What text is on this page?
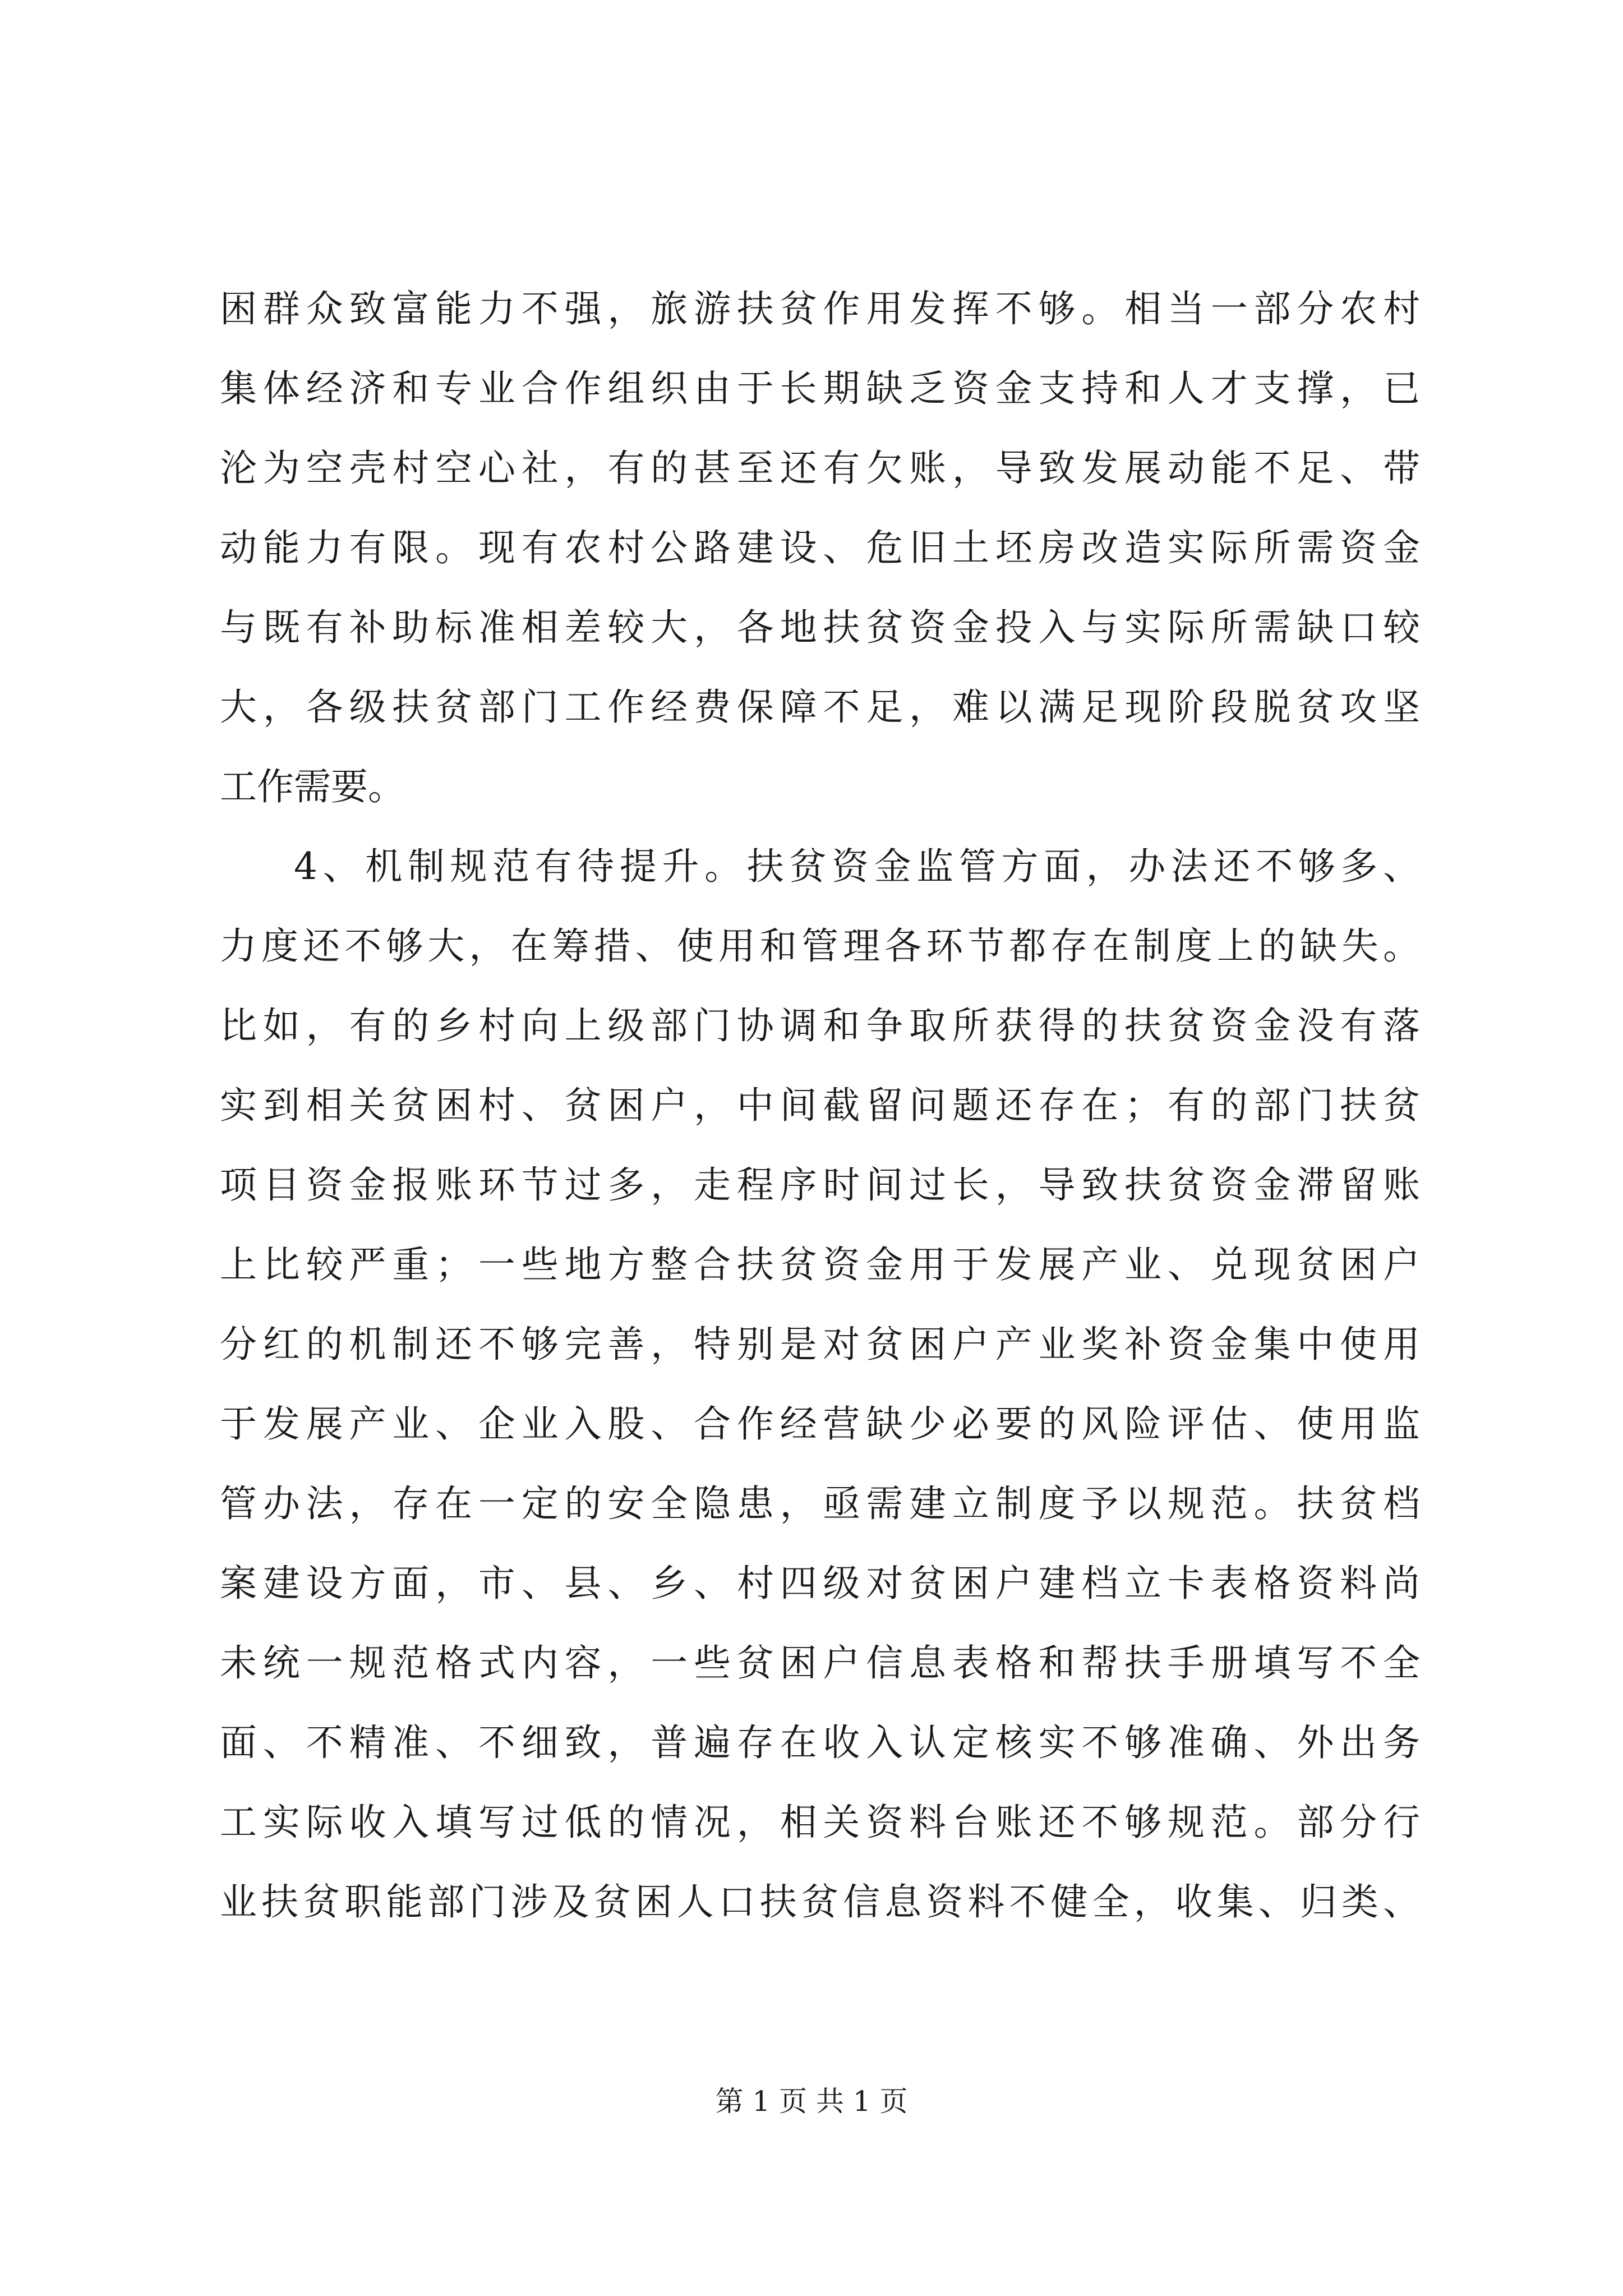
困群众致富能力不强，旅游扶贫作用发挥不够。相当一部分农村
集体经济和专业合作组织由于长期缺乏资金支持和人才支撑，已
沦为空壳村空心社，有的甚至还有欠账，导致发展动能不足、带
动能力有限。现有农村公路建设、危旧土坯房改造实际所需资金
与既有补助标准相差较大，各地扶贫资金投入与实际所需缺口较
大，各级扶贫部门工作经费保障不足，难以满足现阶段脱贫攻坚
工作需要。
4、机制规范有待提升。扶贫资金监管方面，办法还不够多、
力度还不够大，在筹措、使用和管理各环节都存在制度上的缺失。
比如，有的乡村向上级部门协调和争取所获得的扶贫资金没有落
实到相关贫困村、贫困户，中间截留问题还存在；有的部门扶贫
项目资金报账环节过多，走程序时间过长，导致扶贫资金滞留账
上比较严重；一些地方整合扶贫资金用于发展产业、兑现贫困户
分红的机制还不够完善，特别是对贫困户产业奖补资金集中使用
于发展产业、企业入股、合作经营缺少必要的风险评估、使用监
管办法，存在一定的安全隐患，亟需建立制度予以规范。扶贫档
案建设方面，市、县、乡、村四级对贫困户建档立卡表格资料尚
未统一规范格式内容，一些贫困户信息表格和帮扶手册填写不全
面、不精准、不细致，普遍存在收入认定核实不够准确、外出务
工实际收入填写过低的情况，相关资料台账还不够规范。部分行
业扶贫职能部门涉及贫困人口扶贫信息资料不健全，收集、归类、
第 1 页 共 1 页
